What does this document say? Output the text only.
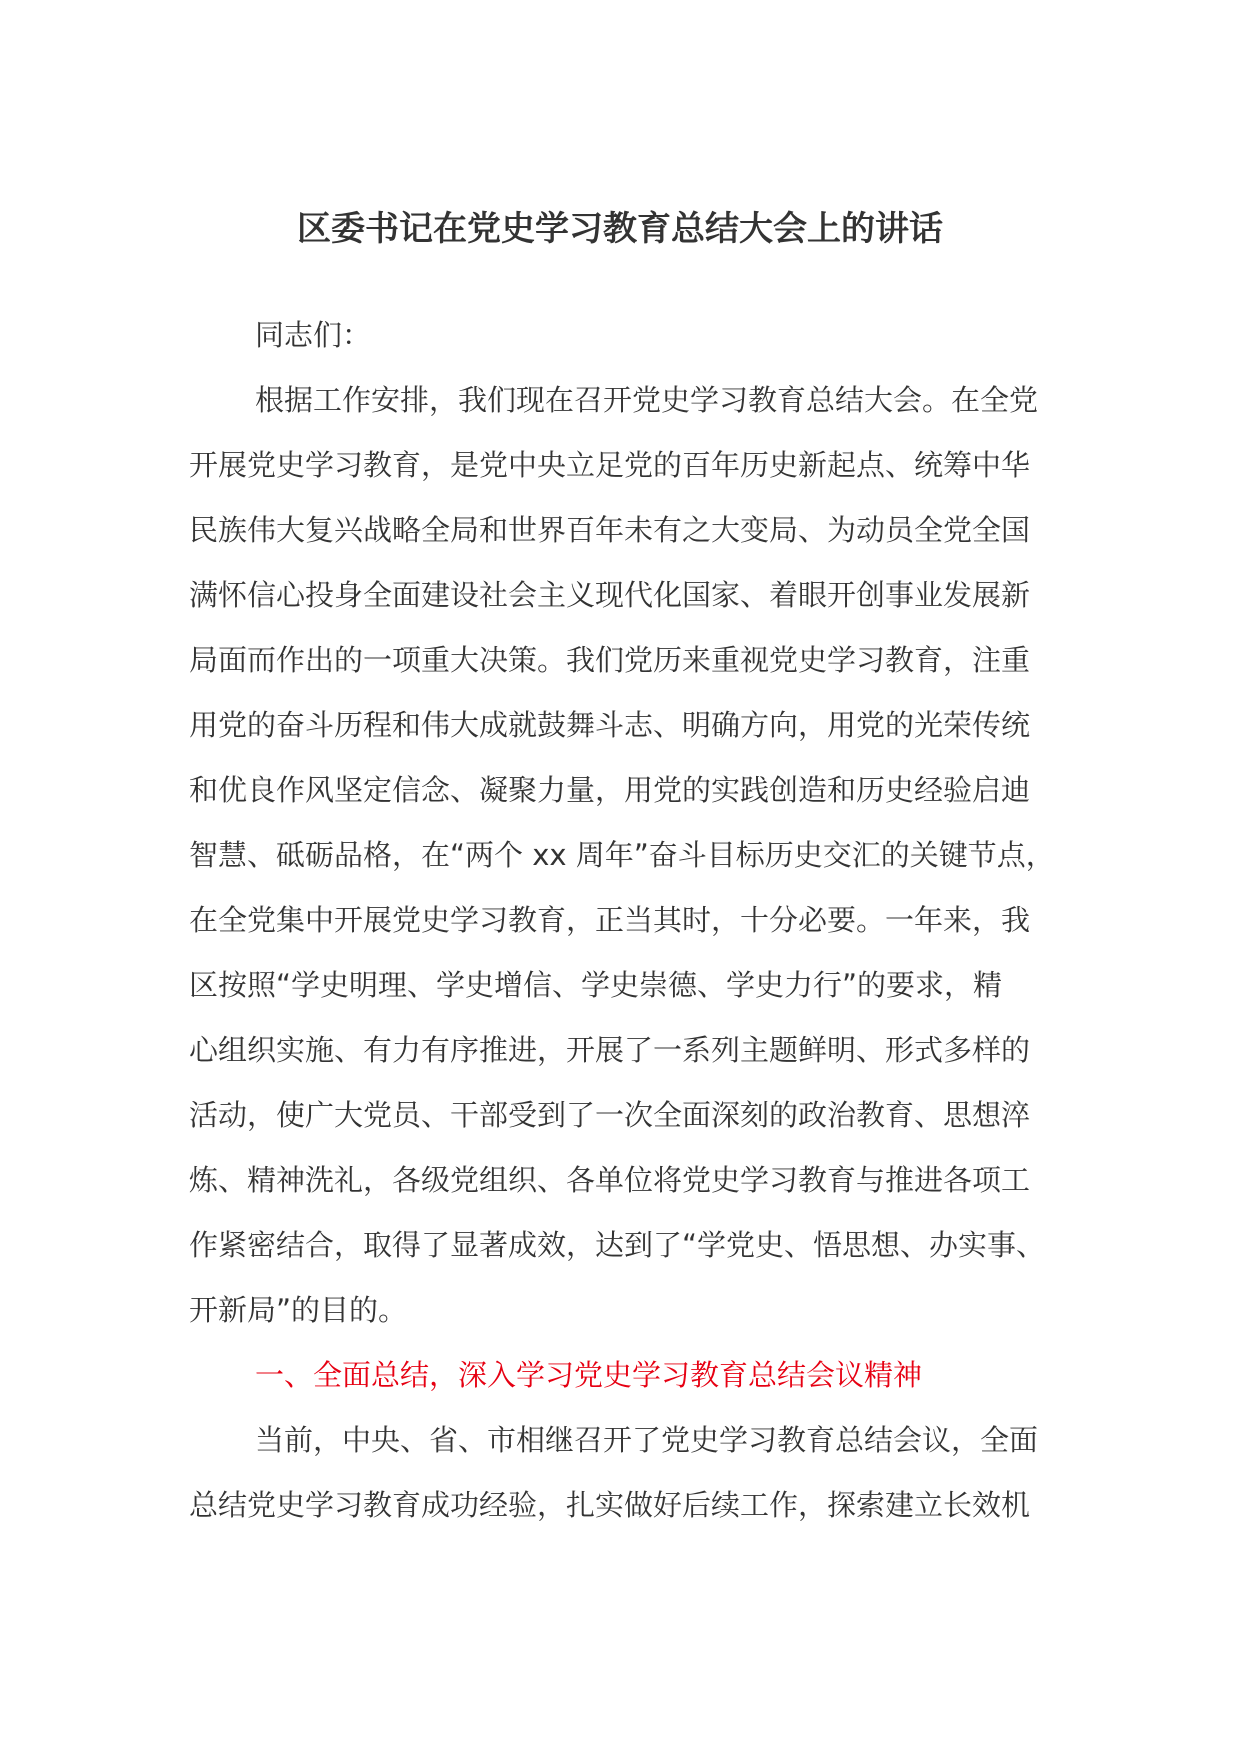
区委书记在党史学习教育总结大会上的讲话
同志们：
根据工作安排，我们现在召开党史学习教育总结大会。在全党
开展党史学习教育，是党中央立足党的百年历史新起点、统筹中华
民族伟大复兴战略全局和世界百年未有之大变局、为动员全党全国
满怀信心投身全面建设社会主义现代化国家、着眼开创事业发展新
局面而作出的一项重大决策。我们党历来重视党史学习教育，注重
用党的奋斗历程和伟大成就鼓舞斗志、明确方向，用党的光荣传统
和优良作风坚定信念、凝聚力量，用党的实践创造和历史经验启迪
智慧、砥砺品格，在“两个 xx 周年”奋斗目标历史交汇的关键节点，
在全党集中开展党史学习教育，正当其时，十分必要。一年来，我
区按照“学史明理、学史增信、学史崇德、学史力行”的要求，精
心组织实施、有力有序推进，开展了一系列主题鲜明、形式多样的
活动，使广大党员、干部受到了一次全面深刻的政治教育、思想淬
炼、精神洗礼，各级党组织、各单位将党史学习教育与推进各项工
作紧密结合，取得了显著成效，达到了“学党史、悟思想、办实事、
开新局”的目的。
一、全面总结，深入学习党史学习教育总结会议精神
当前，中央、省、市相继召开了党史学习教育总结会议，全面
总结党史学习教育成功经验，扎实做好后续工作，探索建立长效机
